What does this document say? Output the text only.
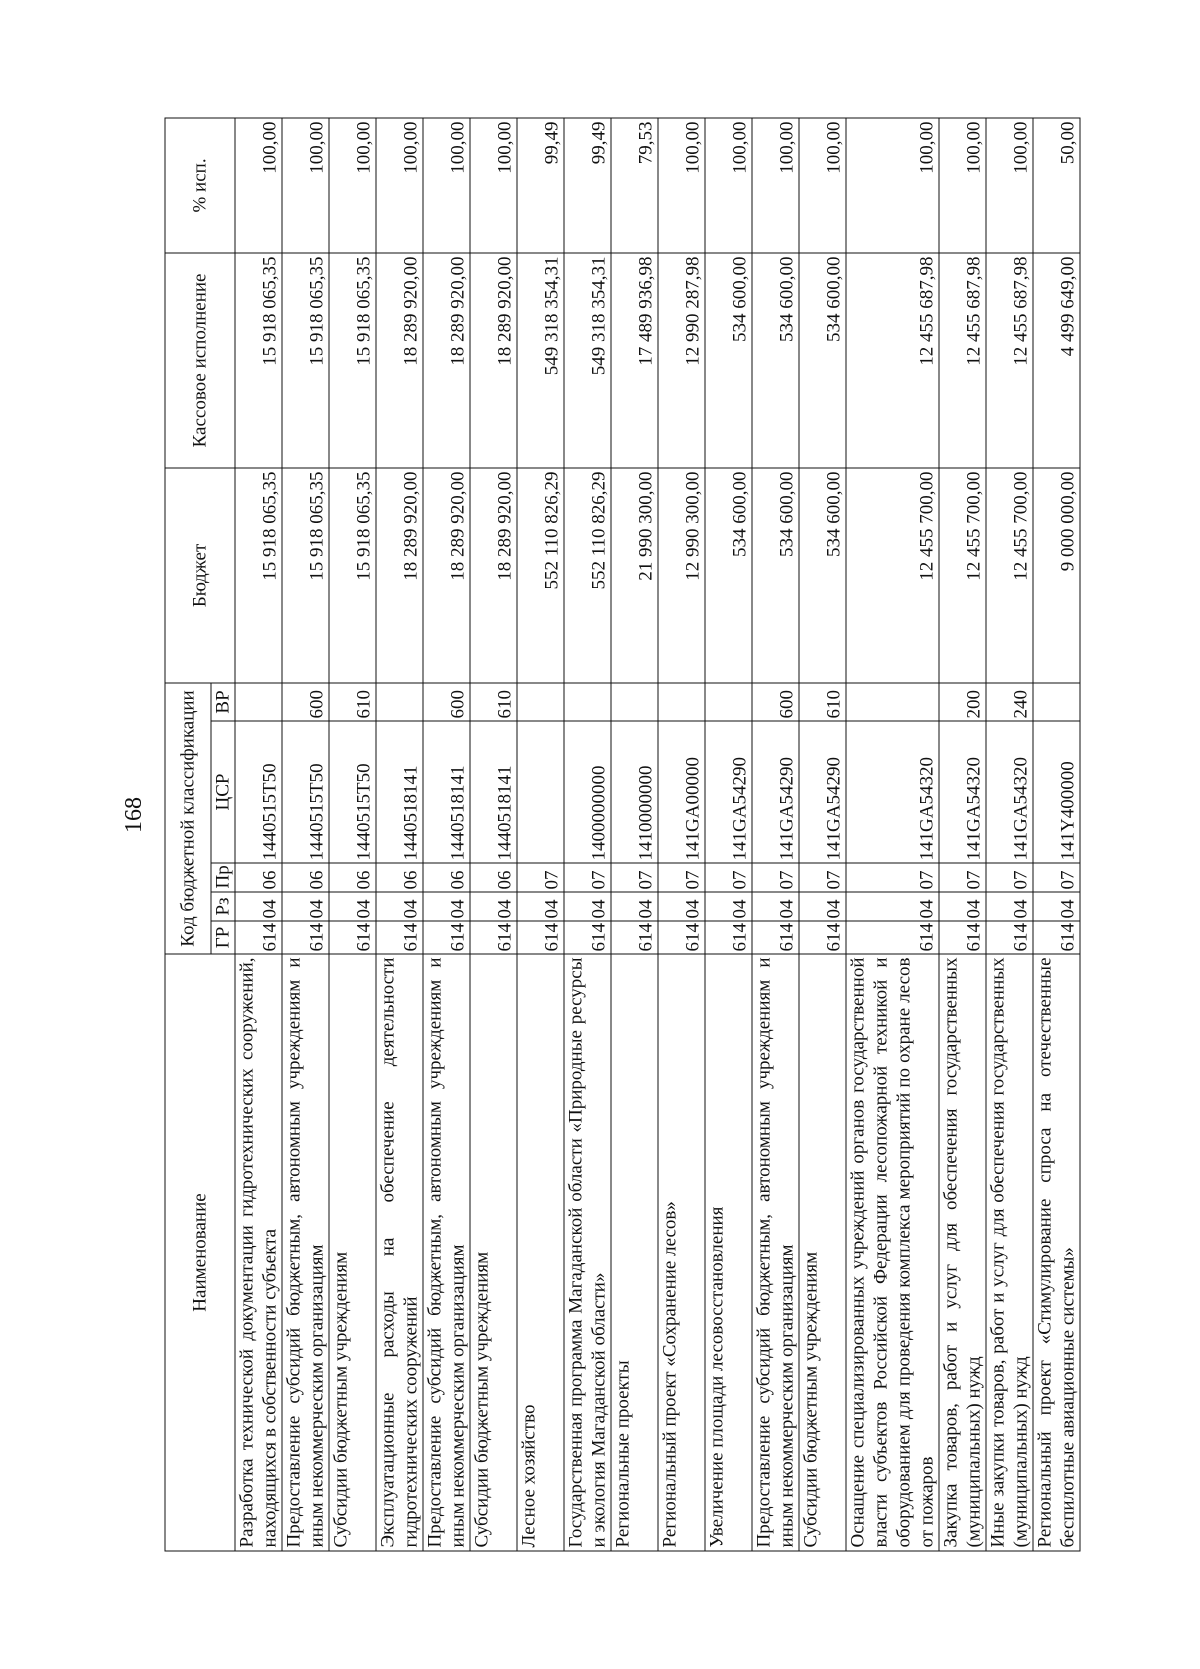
168
Наименование	Код бюджетной классификации					Бюджет	Кассовое исполнение	% исп.
	ГР	Рз	Пр	ЦСР	ВР			
Разработка технической документации гидротехнических сооружений, находящихся в собственности субъекта	614	04	06	1440515Т50		15 918 065,35	15 918 065,35	100,00
Предоставление субсидий бюджетным, автономным учреждениям и иным некоммерческим организациям	614	04	06	1440515Т50	600	15 918 065,35	15 918 065,35	100,00
Субсидии бюджетным учреждениям	614	04	06	1440515Т50	610	15 918 065,35	15 918 065,35	100,00
Эксплуатационные расходы на обеспечение деятельности гидротехнических сооружений	614	04	06	1440518141		18 289 920,00	18 289 920,00	100,00
Предоставление субсидий бюджетным, автономным учреждениям и иным некоммерческим организациям	614	04	06	1440518141	600	18 289 920,00	18 289 920,00	100,00
Субсидии бюджетным учреждениям	614	04	06	1440518141	610	18 289 920,00	18 289 920,00	100,00
Лесное хозяйство	614	04	07			552 110 826,29	549 318 354,31	99,49
Государственная программа Магаданской области «Природные ресурсы и экология Магаданской области»	614	04	07	1400000000		552 110 826,29	549 318 354,31	99,49
Региональные проекты	614	04	07	1410000000		21 990 300,00	17 489 936,98	79,53
Региональный проект «Сохранение лесов»	614	04	07	141GA00000		12 990 300,00	12 990 287,98	100,00
Увеличение площади лесовосстановления	614	04	07	141GA54290		534 600,00	534 600,00	100,00
Предоставление субсидий бюджетным, автономным учреждениям и иным некоммерческим организациям	614	04	07	141GA54290	600	534 600,00	534 600,00	100,00
Субсидии бюджетным учреждениям	614	04	07	141GA54290	610	534 600,00	534 600,00	100,00
Оснащение специализированных учреждений органов государственной власти субъектов Российской Федерации лесопожарной техникой и оборудованием для проведения комплекса мероприятий по охране лесов от пожаров	614	04	07	141GA54320		12 455 700,00	12 455 687,98	100,00
Закупка товаров, работ и услуг для обеспечения государственных (муниципальных) нужд	614	04	07	141GA54320	200	12 455 700,00	12 455 687,98	100,00
Иные закупки товаров, работ и услуг для обеспечения государственных (муниципальных) нужд	614	04	07	141GA54320	240	12 455 700,00	12 455 687,98	100,00
Региональный проект «Стимулирование спроса на отечественные беспилотные авиационные системы»	614	04	07	141Y400000		9 000 000,00	4 499 649,00	50,00
